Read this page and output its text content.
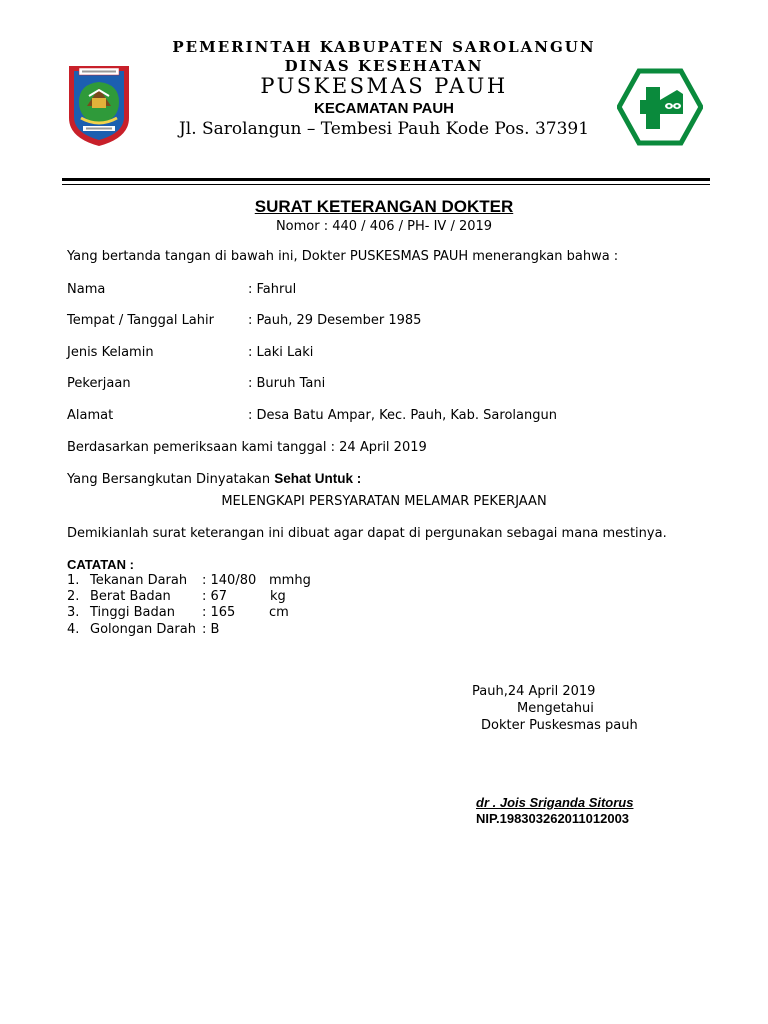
PEMERINTAH KABUPATEN SAROLANGUN
DINAS KESEHATAN
PUSKESMAS PAUH
KECAMATAN PAUH
Jl. Sarolangun – Tembesi Pauh Kode Pos. 37391
SURAT KETERANGAN DOKTER
Nomor : 440 / 406 / PH- IV / 2019
Yang bertanda tangan di bawah ini, Dokter PUSKESMAS PAUH menerangkan bahwa :
Nama	: Fahrul
Tempat / Tanggal Lahir	: Pauh, 29 Desember 1985
Jenis Kelamin	: Laki Laki
Pekerjaan	: Buruh Tani
Alamat	: Desa Batu Ampar, Kec. Pauh, Kab. Sarolangun
Berdasarkan pemeriksaan kami tanggal : 24 April 2019
Yang Bersangkutan Dinyatakan Sehat Untuk :
MELENGKAPI PERSYARATAN MELAMAR PEKERJAAN
Demikianlah surat keterangan ini dibuat agar dapat di pergunakan sebagai mana mestinya.
CATATAN :
1. Tekanan Darah : 140/80 mmhg
2. Berat Badan : 67	kg
3. Tinggi Badan : 165	cm
4. Golongan Darah : B
Pauh,24 April 2019
Mengetahui
Dokter Puskesmas pauh
dr . Jois Sriganda Sitorus
NIP.198303262011012003
